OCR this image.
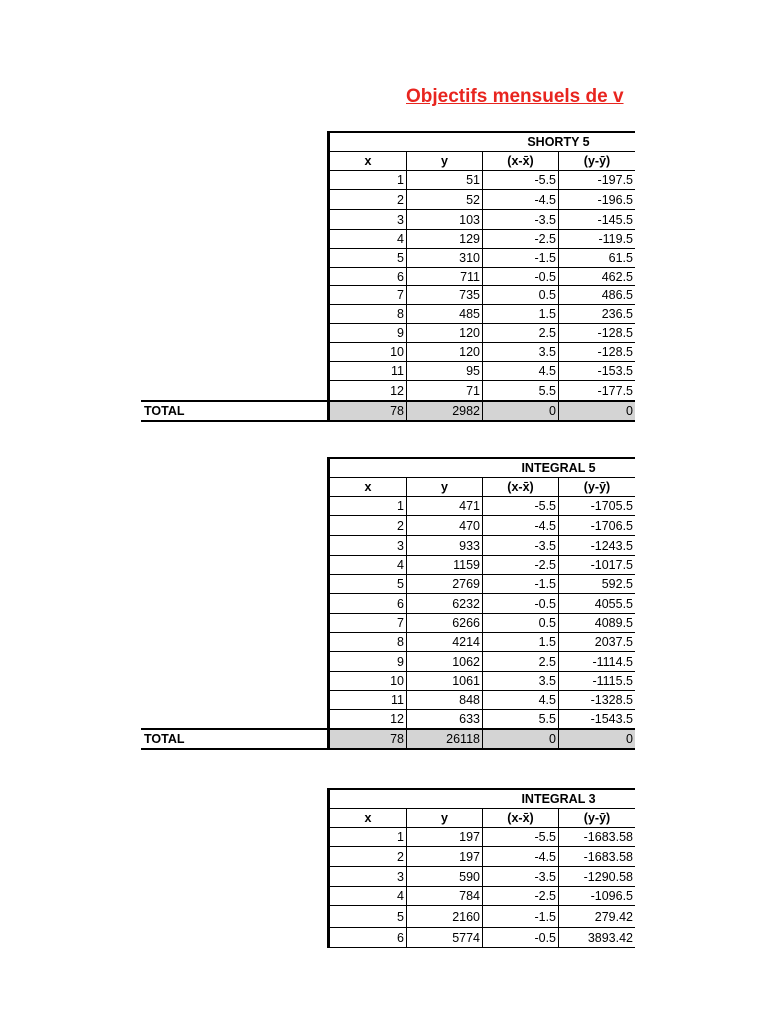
Objectifs mensuels de v
SHORTY 5
x	y	(x-x̄)	(y-ȳ)
1	51	-5.5	-197.5
2	52	-4.5	-196.5
3	103	-3.5	-145.5
4	129	-2.5	-119.5
5	310	-1.5	61.5
6	711	-0.5	462.5
7	735	0.5	486.5
8	485	1.5	236.5
9	120	2.5	-128.5
10	120	3.5	-128.5
11	95	4.5	-153.5
12	71	5.5	-177.5
TOTAL	78	2982	0	0
INTEGRAL 5
x	y	(x-x̄)	(y-ȳ)
1	471	-5.5	-1705.5
2	470	-4.5	-1706.5
3	933	-3.5	-1243.5
4	1159	-2.5	-1017.5
5	2769	-1.5	592.5
6	6232	-0.5	4055.5
7	6266	0.5	4089.5
8	4214	1.5	2037.5
9	1062	2.5	-1114.5
10	1061	3.5	-1115.5
11	848	4.5	-1328.5
12	633	5.5	-1543.5
TOTAL	78	26118	0	0
INTEGRAL 3
x	y	(x-x̄)	(y-ȳ)
1	197	-5.5	-1683.58
2	197	-4.5	-1683.58
3	590	-3.5	-1290.58
4	784	-2.5	-1096.5
5	2160	-1.5	279.42
6	5774	-0.5	3893.42
